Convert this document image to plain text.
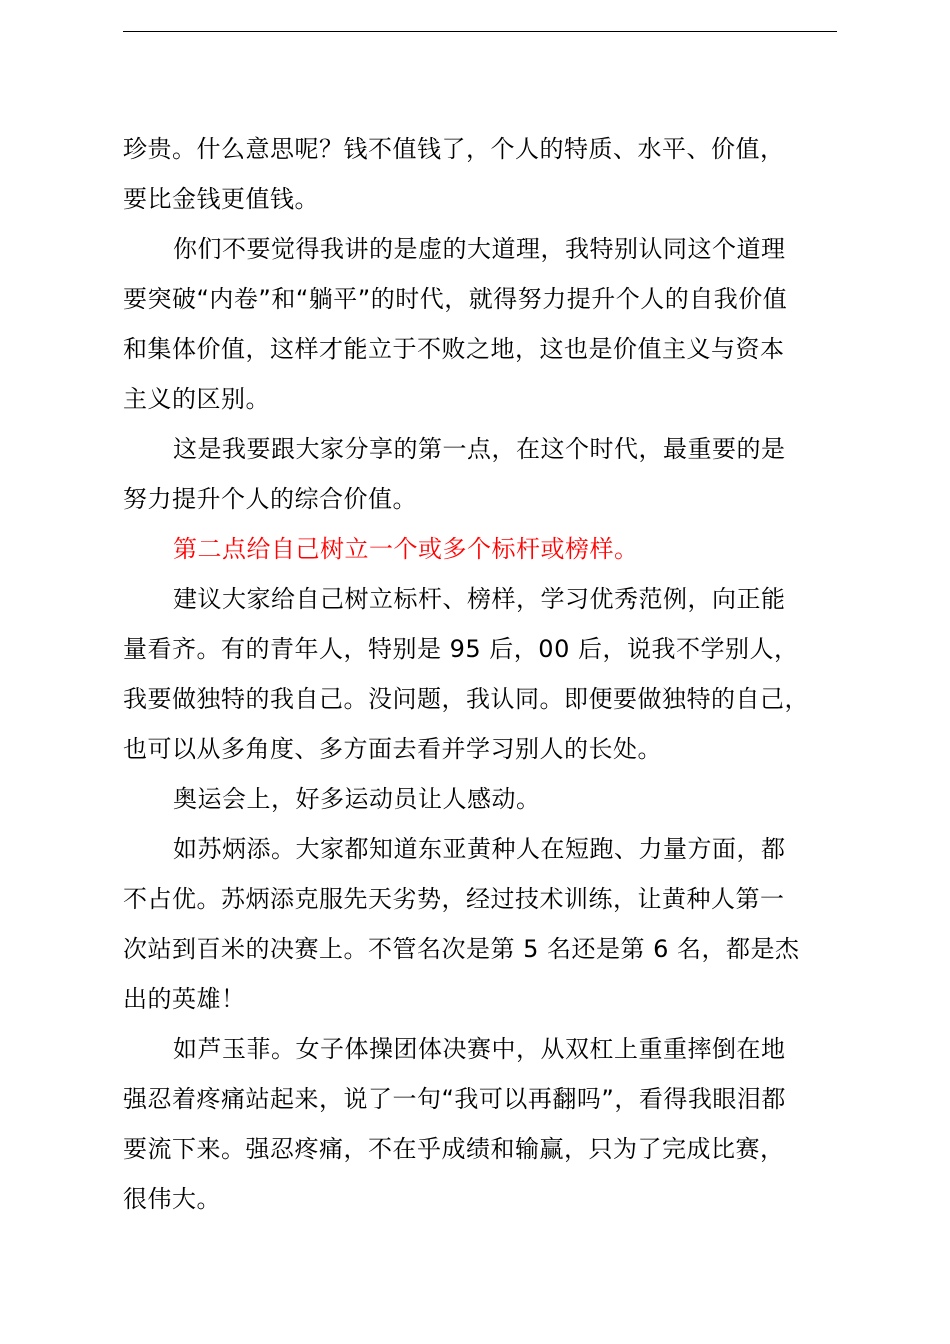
珍贵。什么意思呢？钱不值钱了，个人的特质、水平、价值，
要比金钱更值钱。
你们不要觉得我讲的是虚的大道理，我特别认同这个道理
要突破“内卷”和“躺平”的时代，就得努力提升个人的自我价值
和集体价值，这样才能立于不败之地，这也是价值主义与资本
主义的区别。
这是我要跟大家分享的第一点，在这个时代，最重要的是
努力提升个人的综合价值。
第二点给自己树立一个或多个标杆或榜样。
建议大家给自己树立标杆、榜样，学习优秀范例，向正能
量看齐。有的青年人，特别是 95 后，00 后，说我不学别人，
我要做独特的我自己。没问题，我认同。即便要做独特的自己，
也可以从多角度、多方面去看并学习别人的长处。
奥运会上，好多运动员让人感动。
如苏炳添。大家都知道东亚黄种人在短跑、力量方面，都
不占优。苏炳添克服先天劣势，经过技术训练，让黄种人第一
次站到百米的决赛上。不管名次是第 5 名还是第 6 名，都是杰
出的英雄！
如芦玉菲。女子体操团体决赛中，从双杠上重重摔倒在地
强忍着疼痛站起来，说了一句“我可以再翻吗”，看得我眼泪都
要流下来。强忍疼痛，不在乎成绩和输赢，只为了完成比赛，
很伟大。
